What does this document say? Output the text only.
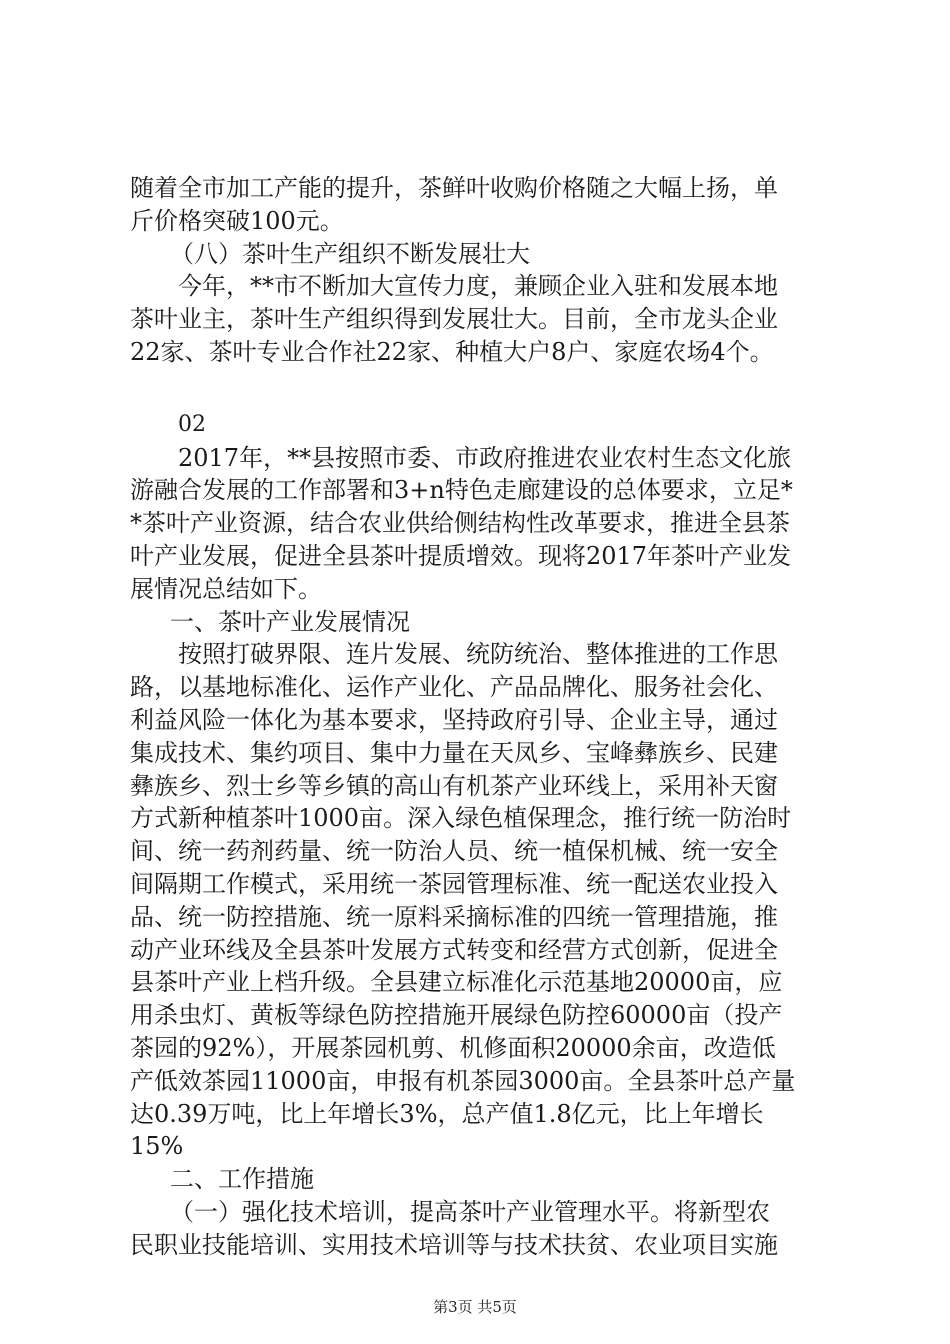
随着全市加工产能的提升，茶鲜叶收购价格随之大幅上扬，单
斤价格突破100元。
（八）茶叶生产组织不断发展壮大
今年，**市不断加大宣传力度，兼顾企业入驻和发展本地
茶叶业主，茶叶生产组织得到发展壮大。目前，全市龙头企业
22家、茶叶专业合作社22家、种植大户8户、家庭农场4个。
02
2017年，**县按照市委、市政府推进农业农村生态文化旅
游融合发展的工作部署和3+n特色走廊建设的总体要求，立足*
*茶叶产业资源，结合农业供给侧结构性改革要求，推进全县茶
叶产业发展，促进全县茶叶提质增效。现将2017年茶叶产业发
展情况总结如下。
一、茶叶产业发展情况
按照打破界限、连片发展、统防统治、整体推进的工作思
路，以基地标准化、运作产业化、产品品牌化、服务社会化、
利益风险一体化为基本要求，坚持政府引导、企业主导，通过
集成技术、集约项目、集中力量在天凤乡、宝峰彝族乡、民建
彝族乡、烈士乡等乡镇的高山有机茶产业环线上，采用补天窗
方式新种植茶叶1000亩。深入绿色植保理念，推行统一防治时
间、统一药剂药量、统一防治人员、统一植保机械、统一安全
间隔期工作模式，采用统一茶园管理标准、统一配送农业投入
品、统一防控措施、统一原料采摘标准的四统一管理措施，推
动产业环线及全县茶叶发展方式转变和经营方式创新，促进全
县茶叶产业上档升级。全县建立标准化示范基地20000亩，应
用杀虫灯、黄板等绿色防控措施开展绿色防控60000亩（投产
茶园的92%），开展茶园机剪、机修面积20000余亩，改造低
产低效茶园11000亩，申报有机茶园3000亩。全县茶叶总产量
达0.39万吨，比上年增长3%，总产值1.8亿元，比上年增长
15%
二、工作措施
（一）强化技术培训，提高茶叶产业管理水平。将新型农
民职业技能培训、实用技术培训等与技术扶贫、农业项目实施
第3页 共5页
